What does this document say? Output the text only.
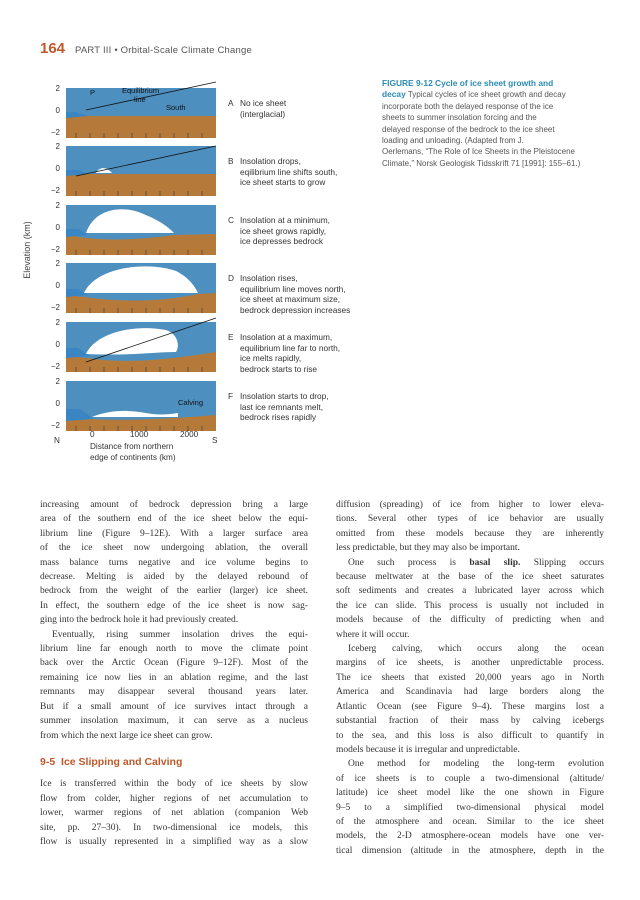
164 PART III • Orbital-Scale Climate Change
Elevation (km)
2
0
−2
A No ice sheet
(interglacial)
2
0
−2
B Insolation drops,
eqilibrium line shifts south,
ice sheet starts to grow
2
0
−2
C Insolation at a minimum,
ice sheet grows rapidly,
ice depresses bedrock
2
0
−2
D Insolation rises,
equilibrium line moves north,
ice sheet at maximum size,
bedrock depression increases
2
0
−2
E Insolation at a maximum,
equilibrium line far to north,
ice melts rapidly,
bedrock starts to rise
2
0
−2
F Insolation starts to drop,
last ice remnants melt,
bedrock rises rapidly
P	Equilibrium
line
South
Calving
N	S
0	1000	2000
Distance from northern
edge of continents (km)
FIGURE 9-12 Cycle of ice sheet growth and
decay Typical cycles of ice sheet growth and decay
incorporate both the delayed response of the ice
sheets to summer insolation forcing and the
delayed response of the bedrock to the ice sheet
loading and unloading. (Adapted from J.
Oerlemans, “The Role of Ice Sheets in the Pleistocene
Climate,” Norsk Geologisk Tidsskrift 71 [1991]: 155–61.)
increasing amount of bedrock depression bring a large
area of the southern end of the ice sheet below the equi-
librium line (Figure 9–12E). With a larger surface area
of the ice sheet now undergoing ablation, the overall
mass balance turns negative and ice volume begins to
decrease. Melting is aided by the delayed rebound of
bedrock from the weight of the earlier (larger) ice sheet.
In effect, the southern edge of the ice sheet is now sag-
ging into the bedrock hole it had previously created.
Eventually, rising summer insolation drives the equi-
librium line far enough north to move the climate point
back over the Arctic Ocean (Figure 9–12F). Most of the
remaining ice now lies in an ablation regime, and the last
remnants may disappear several thousand years later.
But if a small amount of ice survives intact through a
summer insolation maximum, it can serve as a nucleus
from which the next large ice sheet can grow.
9-5 Ice Slipping and Calving
Ice is transferred within the body of ice sheets by slow
flow from colder, higher regions of net accumulation to
lower, warmer regions of net ablation (companion Web
site, pp. 27–30). In two-dimensional ice models, this
flow is usually represented in a simplified way as a slow
diffusion (spreading) of ice from higher to lower eleva-
tions. Several other types of ice behavior are usually
omitted from these models because they are inherently
less predictable, but they may also be important.
One such process is basal slip. Slipping occurs
because meltwater at the base of the ice sheet saturates
soft sediments and creates a lubricated layer across which
the ice can slide. This process is usually not included in
models because of the difficulty of predicting when and
where it will occur.
Iceberg calving, which occurs along the ocean
margins of ice sheets, is another unpredictable process.
The ice sheets that existed 20,000 years ago in North
America and Scandinavia had large borders along the
Atlantic Ocean (see Figure 9–4). These margins lost a
substantial fraction of their mass by calving icebergs
to the sea, and this loss is also difficult to quantify in
models because it is irregular and unpredictable.
One method for modeling the long-term evolution
of ice sheets is to couple a two-dimensional (altitude/
latitude) ice sheet model like the one shown in Figure
9–5 to a simplified two-dimensional physical model
of the atmosphere and ocean. Similar to the ice sheet
models, the 2-D atmosphere-ocean models have one ver-
tical dimension (altitude in the atmosphere, depth in the
